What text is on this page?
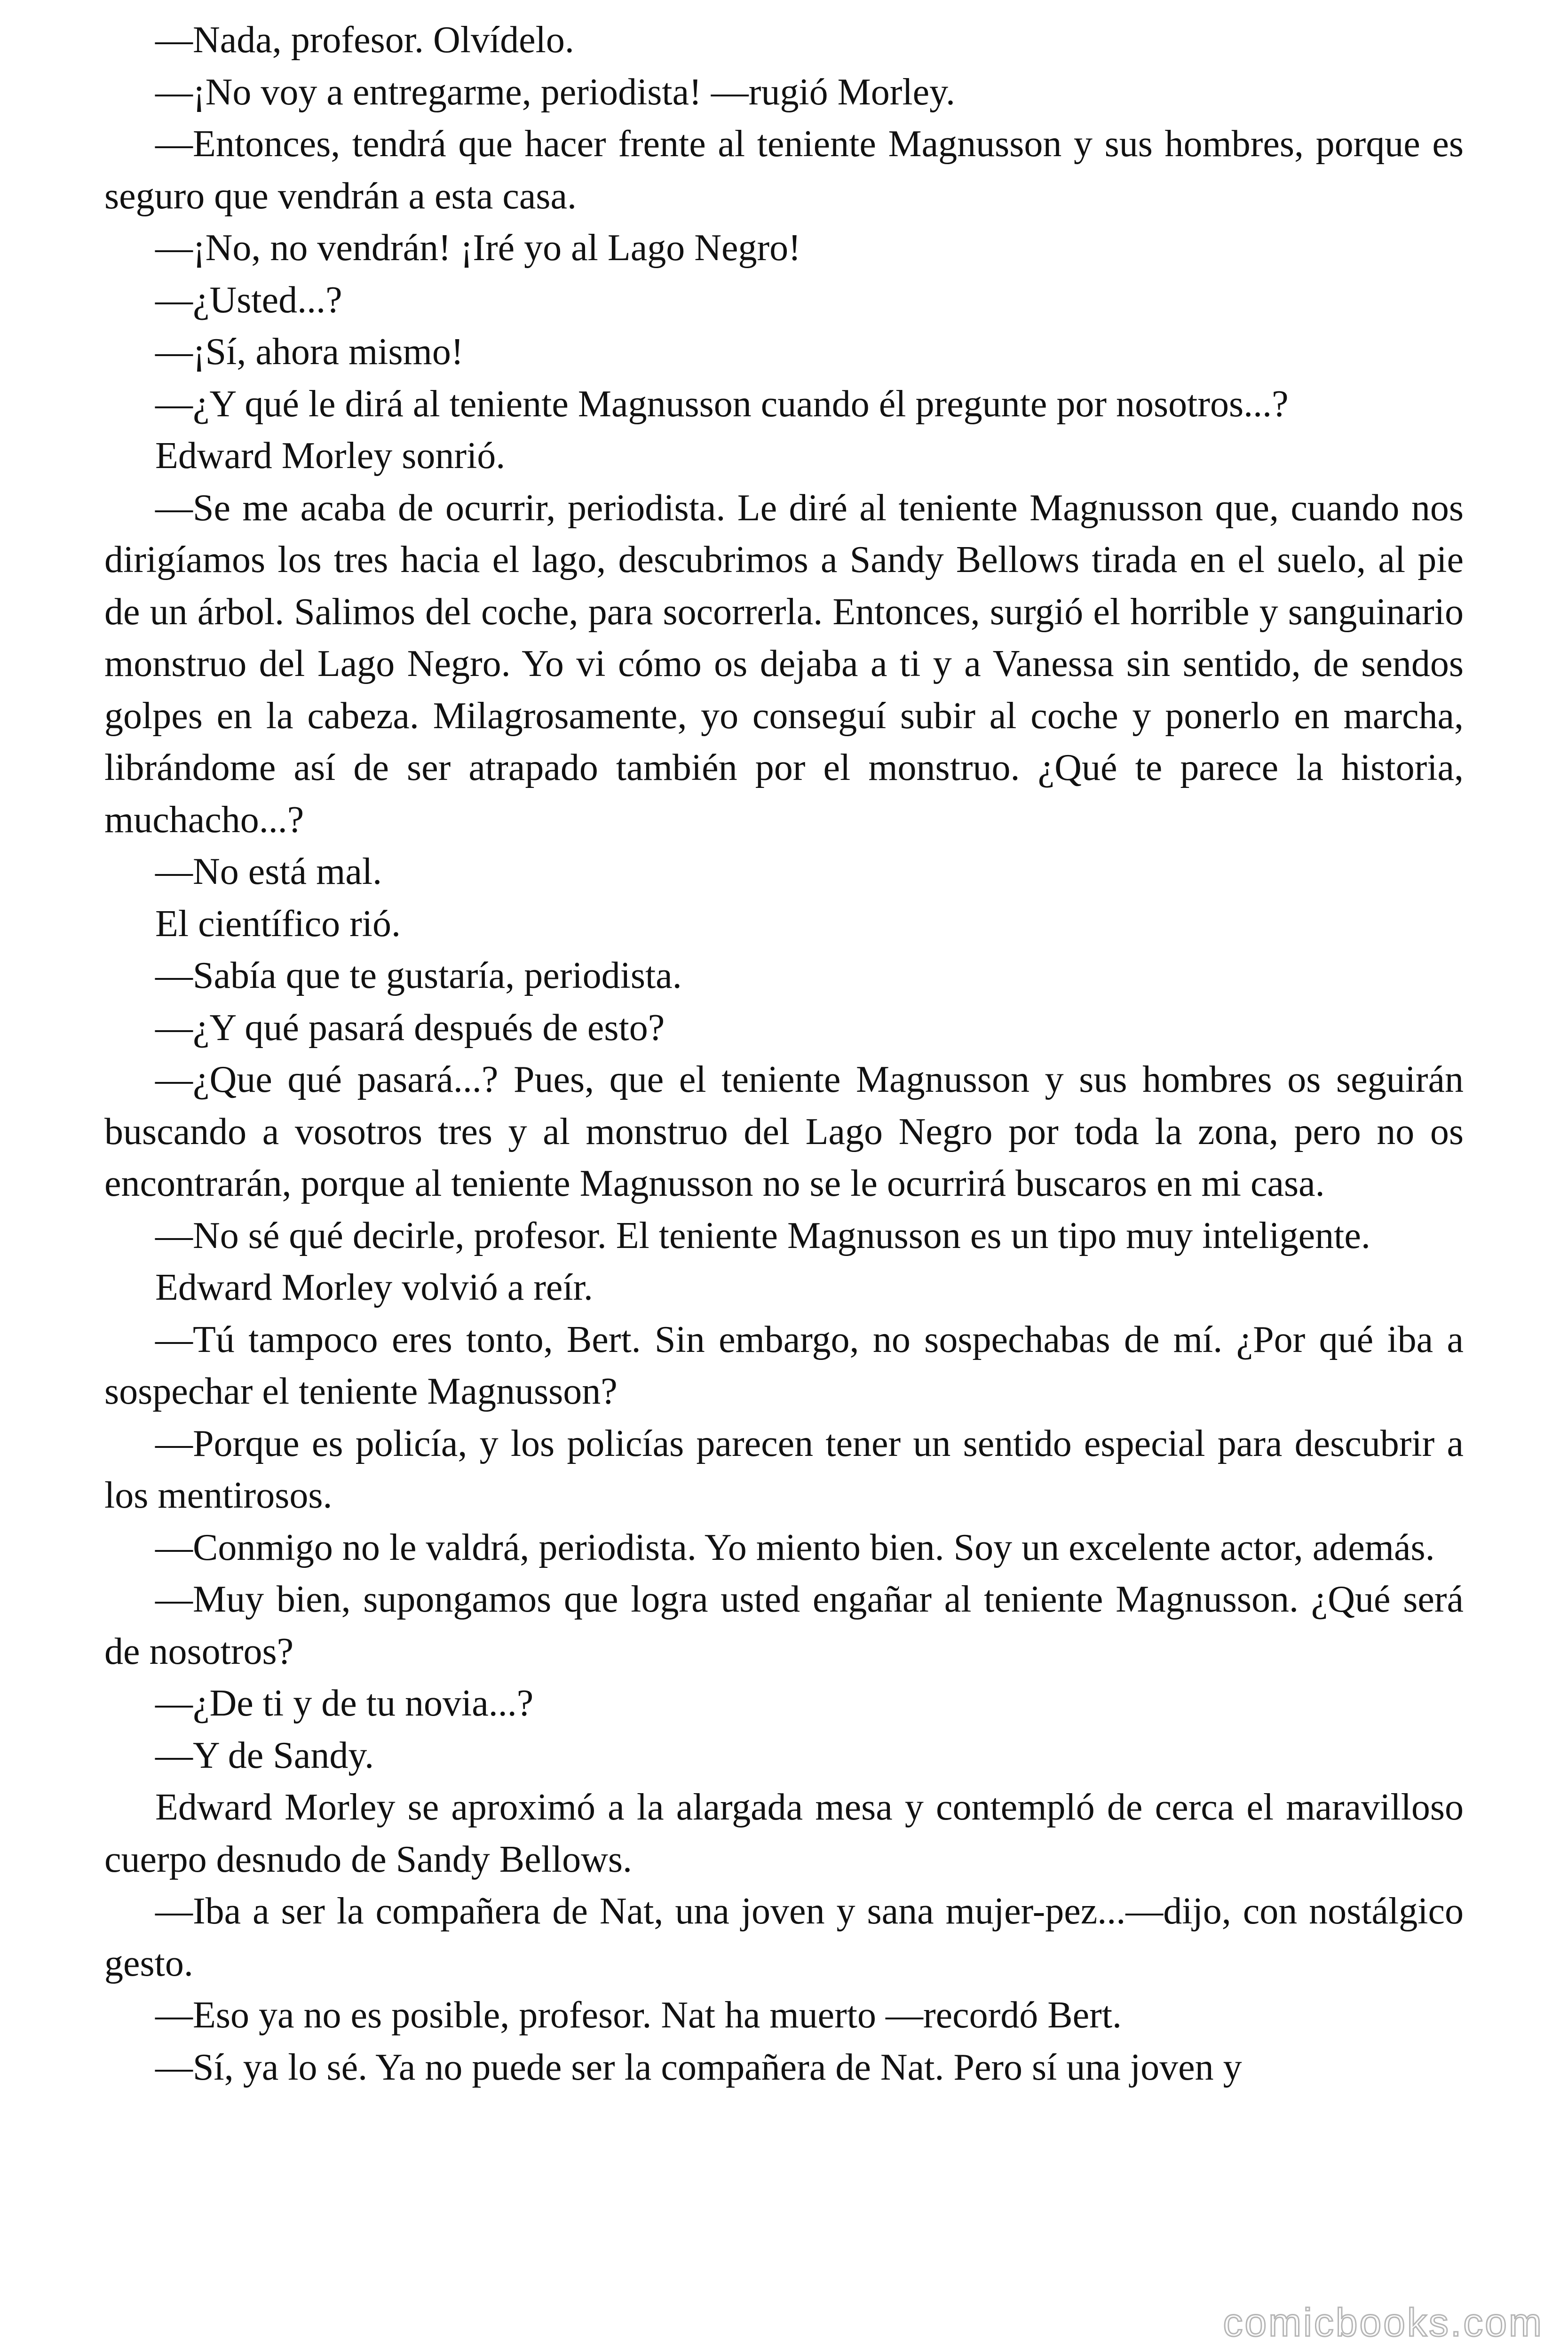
—Nada, profesor. Olvídelo.

—¡No voy a entregarme, periodista! —rugió Morley.

—Entonces, tendrá que hacer frente al teniente Magnusson y sus hombres, porque es seguro que vendrán a esta casa.

—¡No, no vendrán! ¡Iré yo al Lago Negro!

—¿Usted...?

—¡Sí, ahora mismo!

—¿Y qué le dirá al teniente Magnusson cuando él pregunte por nosotros...?

Edward Morley sonrió.

—Se me acaba de ocurrir, periodista. Le diré al teniente Magnusson que, cuando nos dirigíamos los tres hacia el lago, descubrimos a Sandy Bellows tirada en el suelo, al pie de un árbol. Salimos del coche, para socorrerla. Entonces, surgió el horrible y sanguinario monstruo del Lago Negro. Yo vi cómo os dejaba a ti y a Vanessa sin sentido, de sendos golpes en la cabeza. Milagrosamente, yo conseguí subir al coche y ponerlo en marcha, librándome así de ser atrapado también por el monstruo. ¿Qué te parece la historia, muchacho...?

—No está mal.

El científico rió.

—Sabía que te gustaría, periodista.

—¿Y qué pasará después de esto?

—¿Que qué pasará...? Pues, que el teniente Magnusson y sus hombres os seguirán buscando a vosotros tres y al monstruo del Lago Negro por toda la zona, pero no os encontrarán, porque al teniente Magnusson no se le ocurrirá buscaros en mi casa.

—No sé qué decirle, profesor. El teniente Magnusson es un tipo muy inteligente.

Edward Morley volvió a reír.

—Tú tampoco eres tonto, Bert. Sin embargo, no sospechabas de mí. ¿Por qué iba a sospechar el teniente Magnusson?

—Porque es policía, y los policías parecen tener un sentido especial para descubrir a los mentirosos.

—Conmigo no le valdrá, periodista. Yo miento bien. Soy un excelente actor, además.

—Muy bien, supongamos que logra usted engañar al teniente Magnusson. ¿Qué será de nosotros?

—¿De ti y de tu novia...?

—Y de Sandy.

Edward Morley se aproximó a la alargada mesa y contempló de cerca el maravilloso cuerpo desnudo de Sandy Bellows.

—Iba a ser la compañera de Nat, una joven y sana mujer-pez...—dijo, con nostálgico gesto.

—Eso ya no es posible, profesor. Nat ha muerto —recordó Bert.

—Sí, ya lo sé. Ya no puede ser la compañera de Nat. Pero sí una joven y

comicbooks.com
